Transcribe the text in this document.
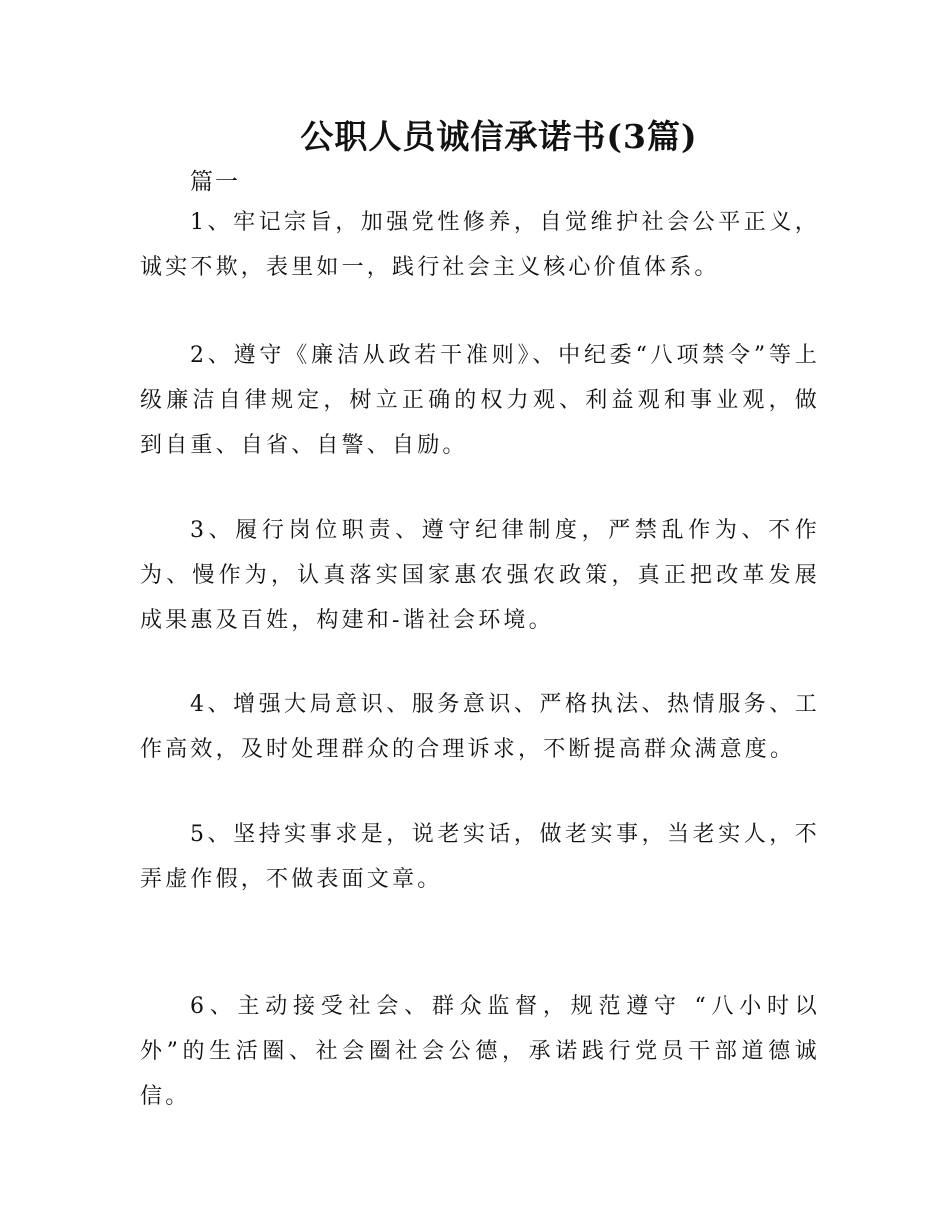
公职人员诚信承诺书(3篇)

篇一

1、牢记宗旨，加强党性修养，自觉维护社会公平正义，诚实不欺，表里如一，践行社会主义核心价值体系。

2、遵守《廉洁从政若干准则》、中纪委“八项禁令”等上级廉洁自律规定，树立正确的权力观、利益观和事业观，做到自重、自省、自警、自励。

3、履行岗位职责、遵守纪律制度，严禁乱作为、不作为、慢作为，认真落实国家惠农强农政策，真正把改革发展成果惠及百姓，构建和-谐社会环境。

4、增强大局意识、服务意识、严格执法、热情服务、工作高效，及时处理群众的合理诉求，不断提高群众满意度。

5、坚持实事求是，说老实话，做老实事，当老实人，不弄虚作假，不做表面文章。

6、主动接受社会、群众监督，规范遵守 “八小时以外”的生活圈、社会圈社会公德，承诺践行党员干部道德诚信。
